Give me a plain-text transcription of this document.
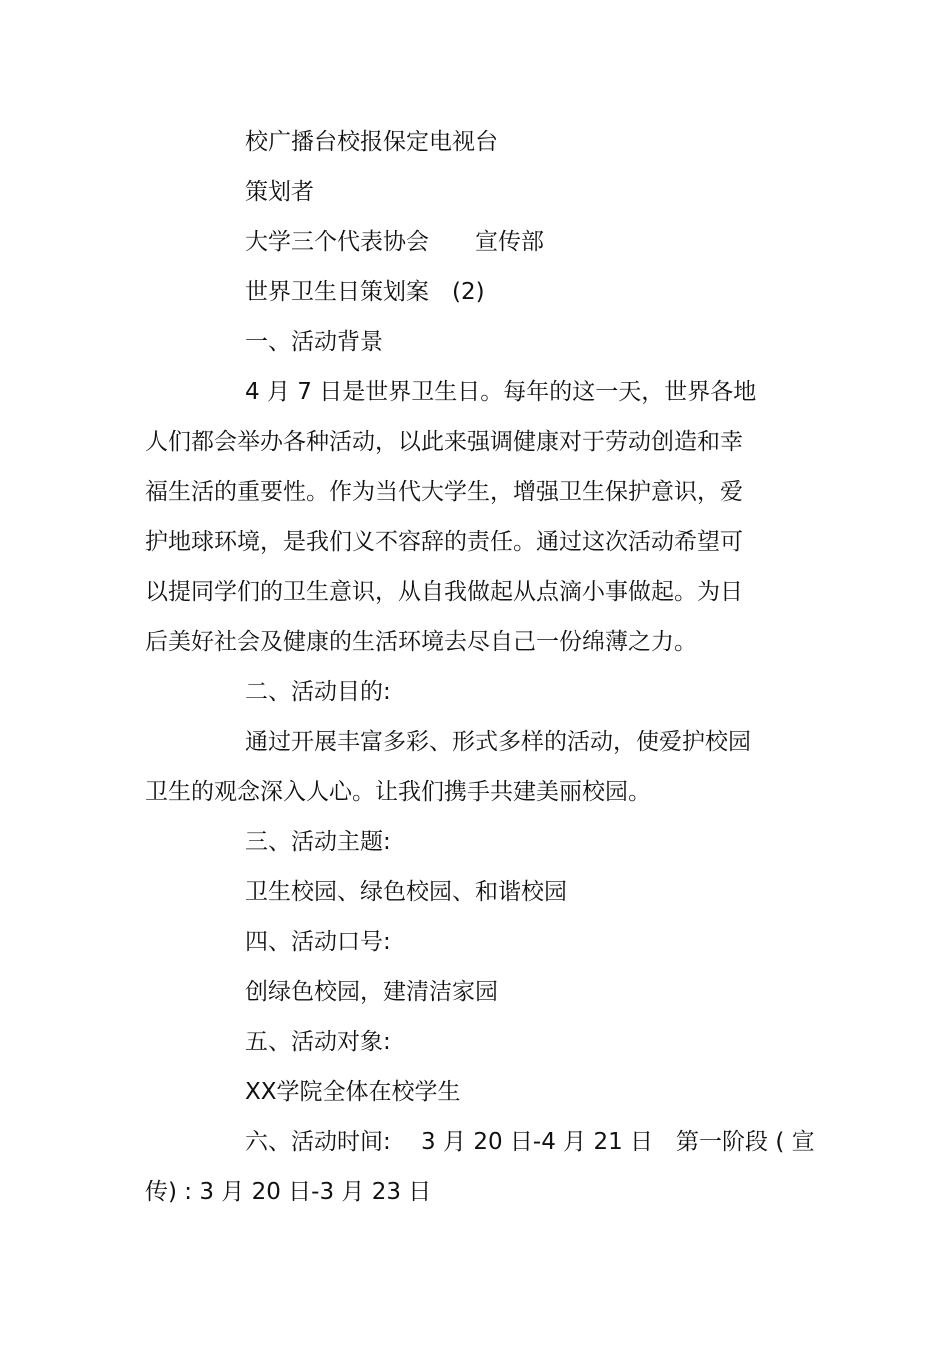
校广播台校报保定电视台
策划者
大学三个代表协会　　宣传部
世界卫生日策划案　(2)
一、活动背景
4 月 7 日是世界卫生日。每年的这一天，世界各地
人们都会举办各种活动，以此来强调健康对于劳动创造和幸
福生活的重要性。作为当代大学生，增强卫生保护意识，爱
护地球环境，是我们义不容辞的责任。通过这次活动希望可
以提同学们的卫生意识，从自我做起从点滴小事做起。为日
后美好社会及健康的生活环境去尽自己一份绵薄之力。
二、活动目的:
通过开展丰富多彩、形式多样的活动，使爱护校园
卫生的观念深入人心。让我们携手共建美丽校园。
三、活动主题:
卫生校园、绿色校园、和谐校园
四、活动口号:
创绿色校园，建清洁家园
五、活动对象:
XX学院全体在校学生
六、活动时间:　 3 月 20 日-4 月 21 日　第一阶段 ( 宣
传) : 3 月 20 日-3 月 23 日
